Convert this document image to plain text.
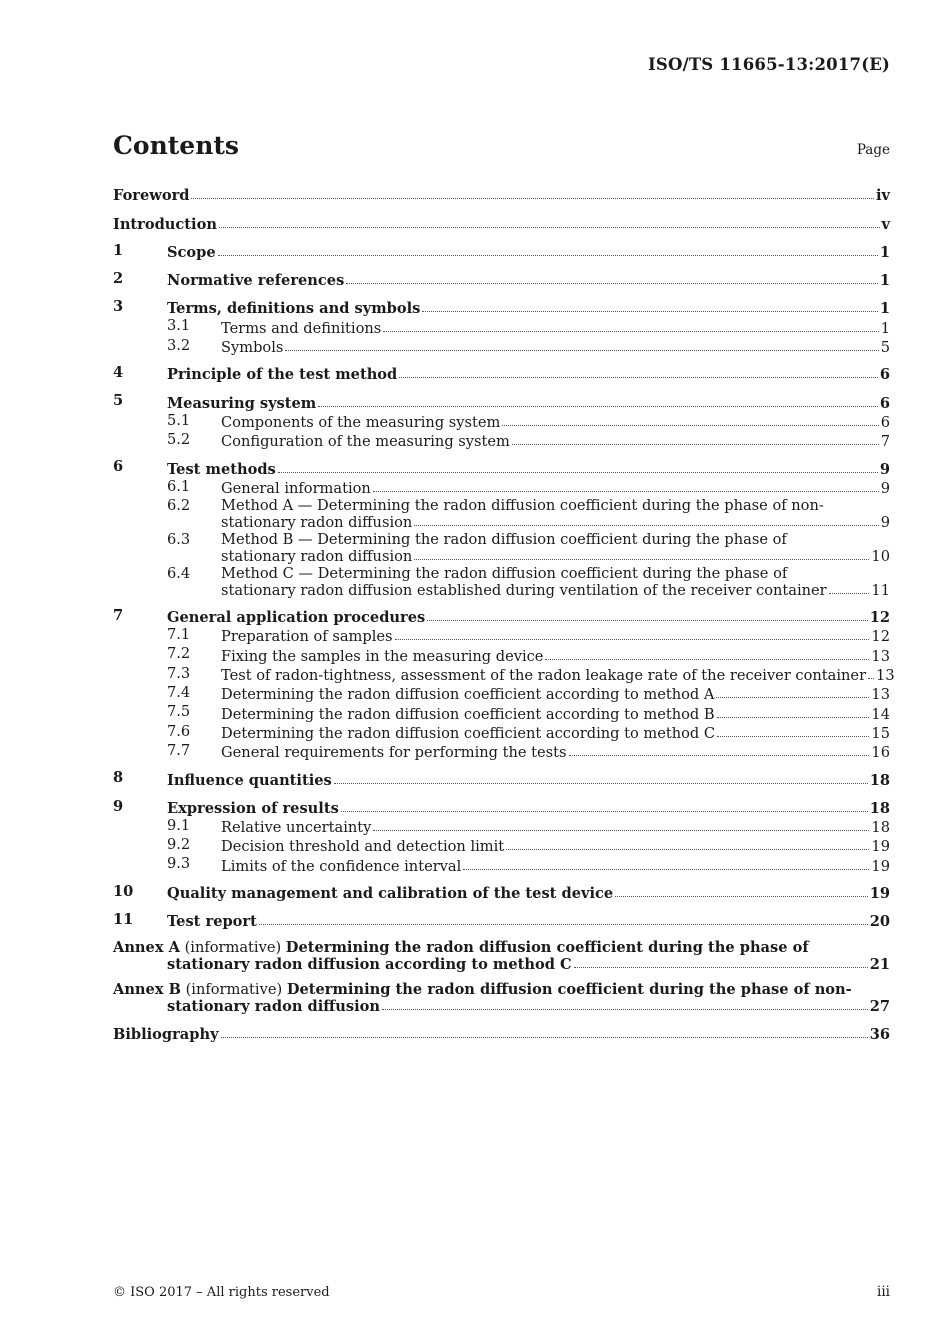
ISO/TS 11665-13:2017(E)
Contents	Page
Foreword	iv
Introduction	v
1	Scope	1
2	Normative references	1
3	Terms, definitions and symbols	1
3.1	Terms and definitions	1
3.2	Symbols	5
4	Principle of the test method	6
5	Measuring system	6
5.1	Components of the measuring system	6
5.2	Configuration of the measuring system	7
6	Test methods	9
6.1	General information	9
6.2	Method A — Determining the radon diffusion coefficient during the phase of non-
stationary radon diffusion	9
6.3	Method B — Determining the radon diffusion coefficient during the phase of
stationary radon diffusion	10
6.4	Method C — Determining the radon diffusion coefficient during the phase of
stationary radon diffusion established during ventilation of the receiver container	11
7	General application procedures	12
7.1	Preparation of samples	12
7.2	Fixing the samples in the measuring device	13
7.3	Test of radon-tightness, assessment of the radon leakage rate of the receiver container 13
7.4	Determining the radon diffusion coefficient according to method A	13
7.5	Determining the radon diffusion coefficient according to method B	14
7.6	Determining the radon diffusion coefficient according to method C	15
7.7	General requirements for performing the tests	16
8	Influence quantities	18
9	Expression of results	18
9.1	Relative uncertainty	18
9.2	Decision threshold and detection limit	19
9.3	Limits of the confidence interval	19
10	Quality management and calibration of the test device	19
11	Test report	20
Annex A (informative) Determining the radon diffusion coefficient during the phase of
stationary radon diffusion according to method C	21
Annex B (informative) Determining the radon diffusion coefficient during the phase of non-
stationary radon diffusion	27
Bibliography	36
© ISO 2017 – All rights reserved	iii
